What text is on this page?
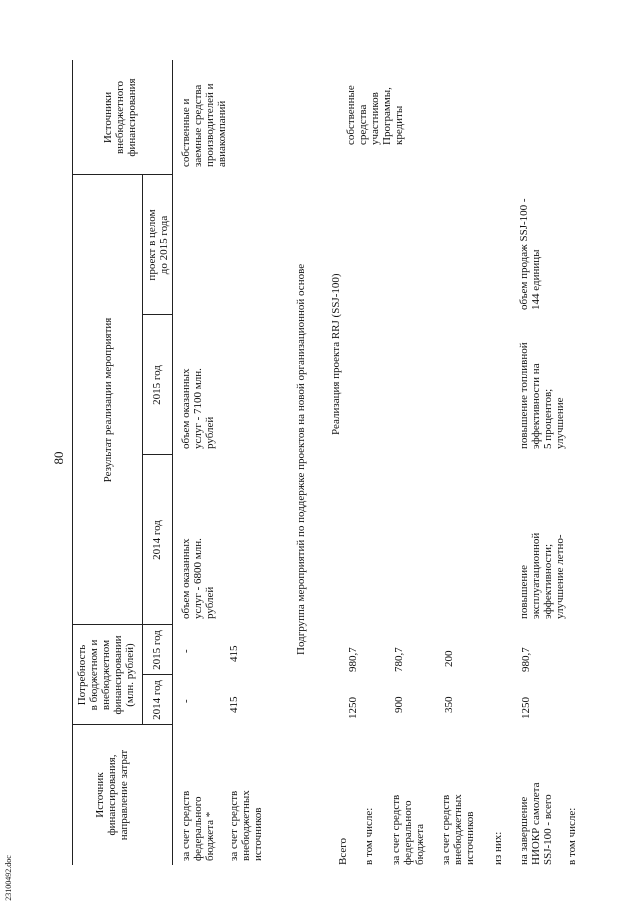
80
23100492.doc
Источник финансирования, направление затрат
Потребность в бюджетном и внебюджетном финансировании (млн. рублей) 2014 год
2015 год
Результат реализации мероприятия
2014 год
2015 год
проект в целом до 2015 года
Источники внебюджетного финансирования
за счет средств федерального бюджета *
-
-
объем оказанных услуг - 6800 млн. рублей
объем оказанных услуг - 7100 млн. рублей
собственные и заемные средства производителей и авиакомпаний
за счет средств внебюджетных источников
415
415	Подгруппа мероприятий по поддержке проектов на новой организационной основе Реализация проекта RRJ (SSJ-100)
Всего
1250
980,7
собственные средства участников Программы, кредиты
в том числе: за счет средств федерального бюджета
900
780,7
за счет средств внебюджетных источников
350
200
из них: на завершение НИОКР самолета SSJ-100 - всего
1250
980,7
повышение эксплуатационной эффективности; улучшение летно-
повышение топливной эффективности на 5 процентов; улучшение
объем продаж SSJ-100 - 144 единицы
в том числе:
